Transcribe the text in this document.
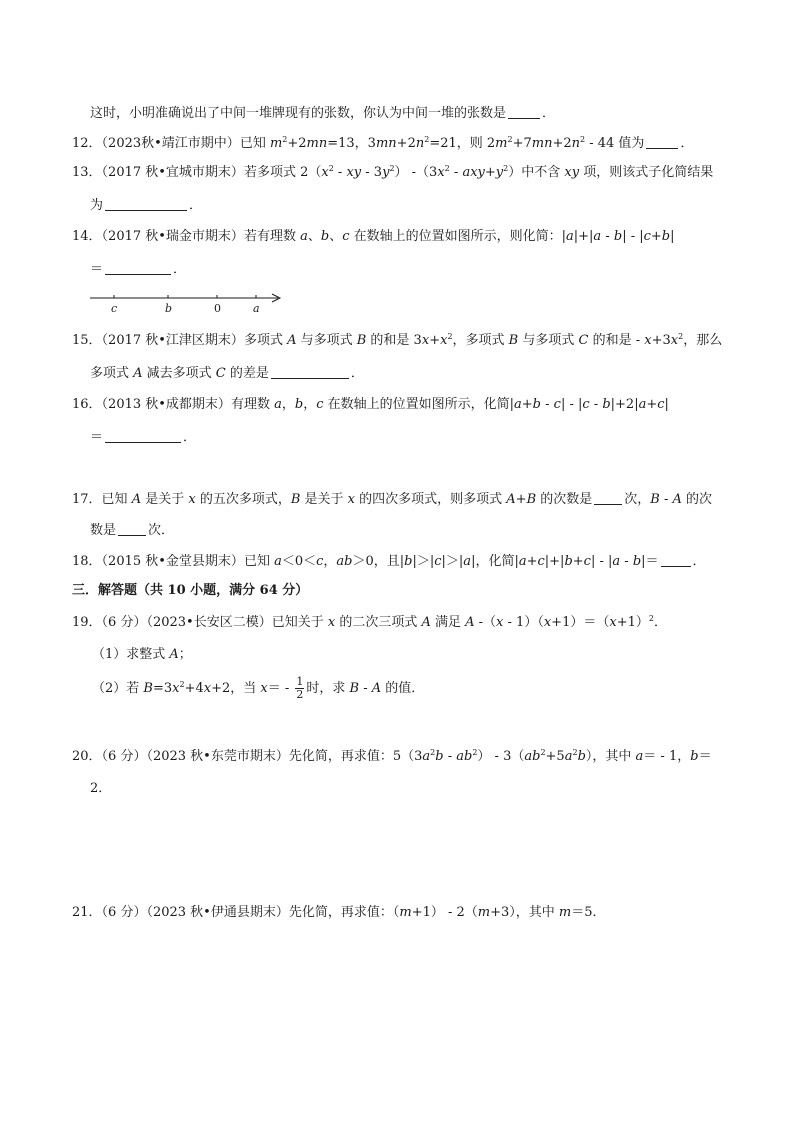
这时，小明准确说出了中间一堆牌现有的张数，你认为中间一堆的张数是	．
12．（2023秋•靖江市期中）已知 $m^2+2mn=13$，$3mn+2n^2=21$，则 $2m^2+7mn+2n^2 - 44$ 值为	．
13．（2017 秋•宜城市期末）若多项式 $2(x^2$ - xy - $3y^2$） $-(3x^2 - axy+y^2)$中不含 xy 项，则该式子化简结果
为	．
14．（2017 秋•瑞金市期末）若有理数 a、b、c 在数轴上的位置如图所示，则化简：|a|+|a - b| - |c+b|
＝	．
c	b	0	a
15．（2017 秋•江津区期末）多项式 A 与多项式 B 的和是 $3x+x^2$，多项式 B 与多项式 C 的和是 - $x+3x^2$，那么
多项式 A 减去多项式 C 的差是	．
16．（2013 秋•成都期末）有理数 a，b，c 在数轴上的位置如图所示，化简|a+b - c| - |c - b|+2|a+c|
＝	．
17．已知 A 是关于 x 的五次多项式，B 是关于 x 的四次多项式，则多项式 A+B 的次数是 次，B - A 的次
数是 次．
18．（2015 秋•金堂县期末）已知 a＜0＜c，ab＞0，且|b|＞|c|＞|a|，化简|a+c|+|b+c| - |a - b|＝	．
三．解答题（共 10 小题，满分 64 分）
19．（6 分）（2023•长安区二模）已知关于 x 的二次三项式 A 满足 A $-(x - 1)(x+1)=(x+1)^2$．
（1）求整式 A；
（2）若 $B=3x^2+4x+2$，当 $x= - \frac{1}{2}$ 时，求 B - A 的值．
20．（6 分）（2023 秋•东莞市期末）先化简，再求值：$5(3a^2b - ab^2) - 3(ab^2+5a^2b)$，其中 a＝ - 1，b＝
2．
21．（6 分）（2023 秋•伊通县期末）先化简，再求值：（m+1） - 2（m+3），其中 m＝5．
